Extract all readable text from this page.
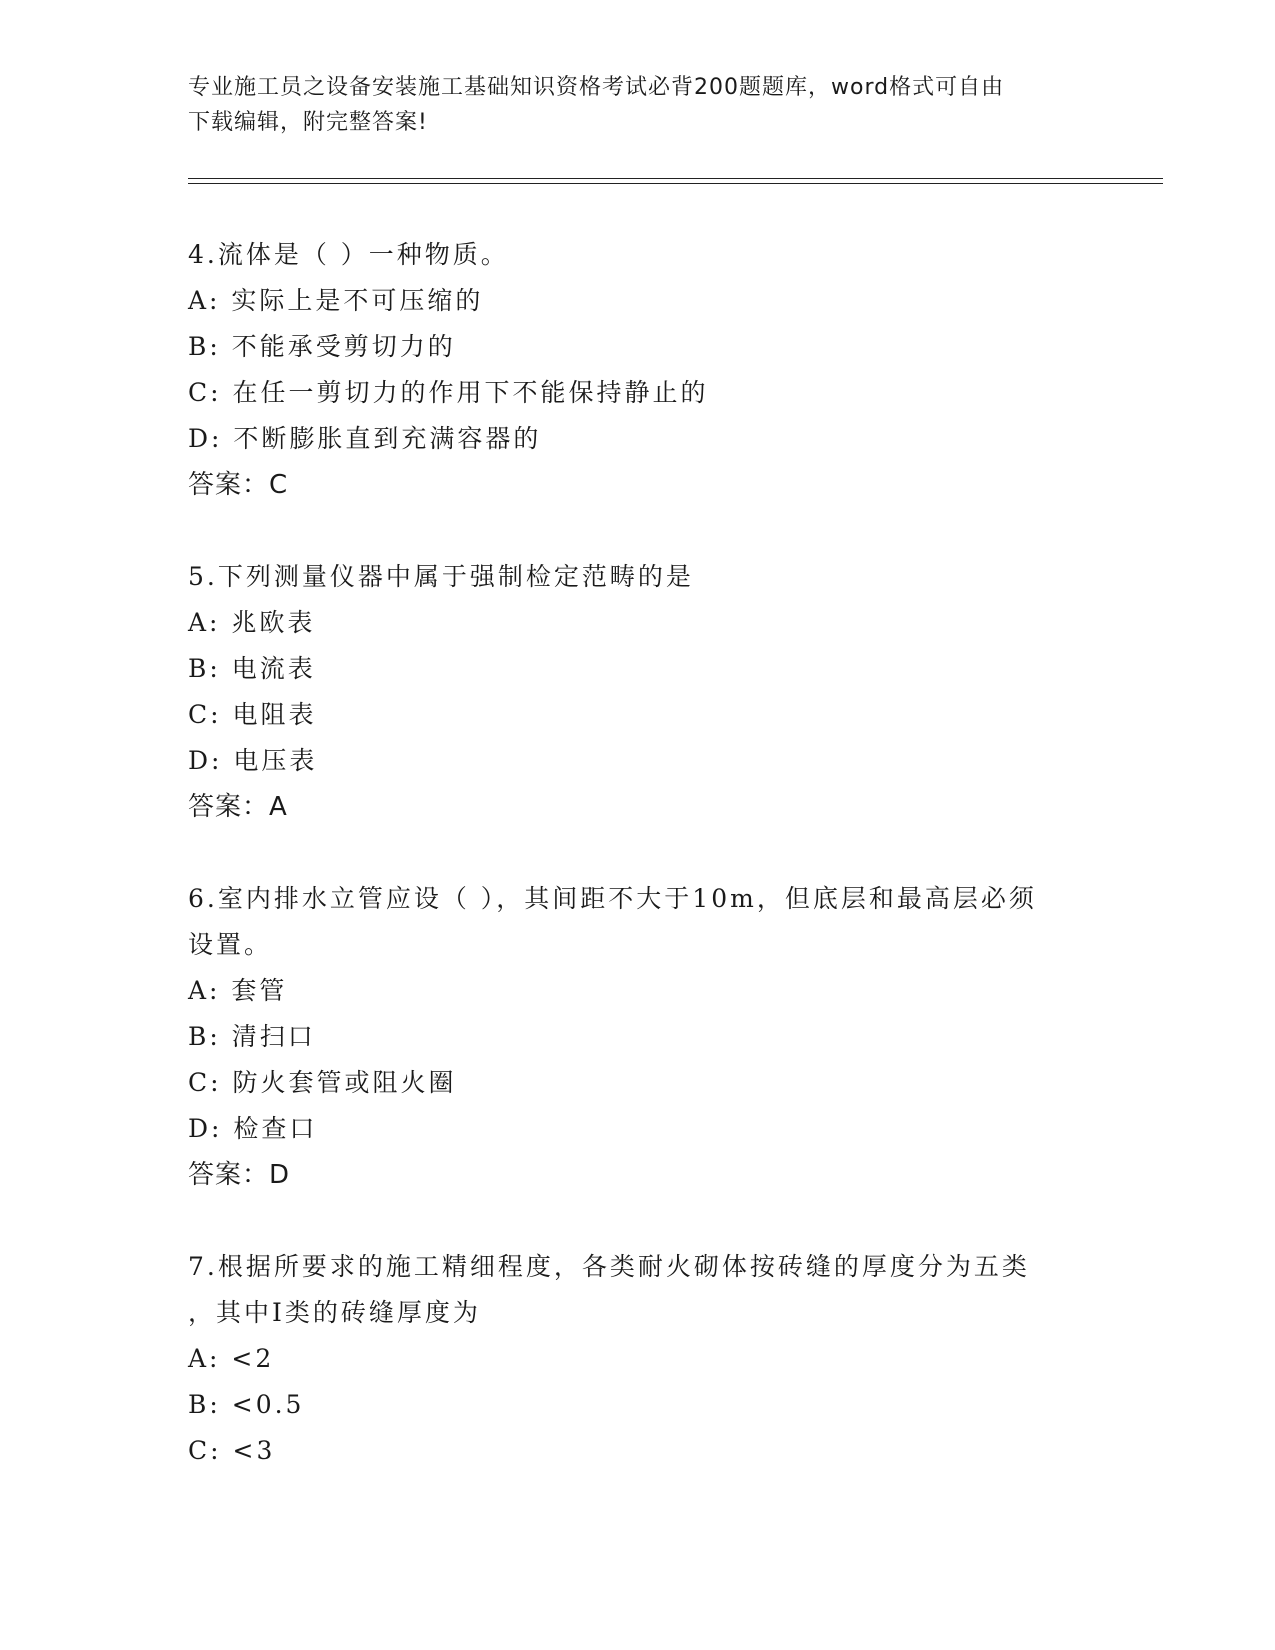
专业施工员之设备安装施工基础知识资格考试必背200题题库，word格式可自由
下载编辑，附完整答案!
4.流体是（ ）一种物质。
A: 实际上是不可压缩的
B: 不能承受剪切力的
C: 在任一剪切力的作用下不能保持静止的
D: 不断膨胀直到充满容器的
答案：C
5.下列测量仪器中属于强制检定范畴的是
A: 兆欧表
B: 电流表
C: 电阻表
D: 电压表
答案：A
6.室内排水立管应设（ ），其间距不大于10m，但底层和最高层必须
设置。
A: 套管
B: 清扫口
C: 防火套管或阻火圈
D: 检查口
答案：D
7.根据所要求的施工精细程度，各类耐火砌体按砖缝的厚度分为五类
，其中Ⅰ类的砖缝厚度为
A: <2
B: <0.5
C: <3
